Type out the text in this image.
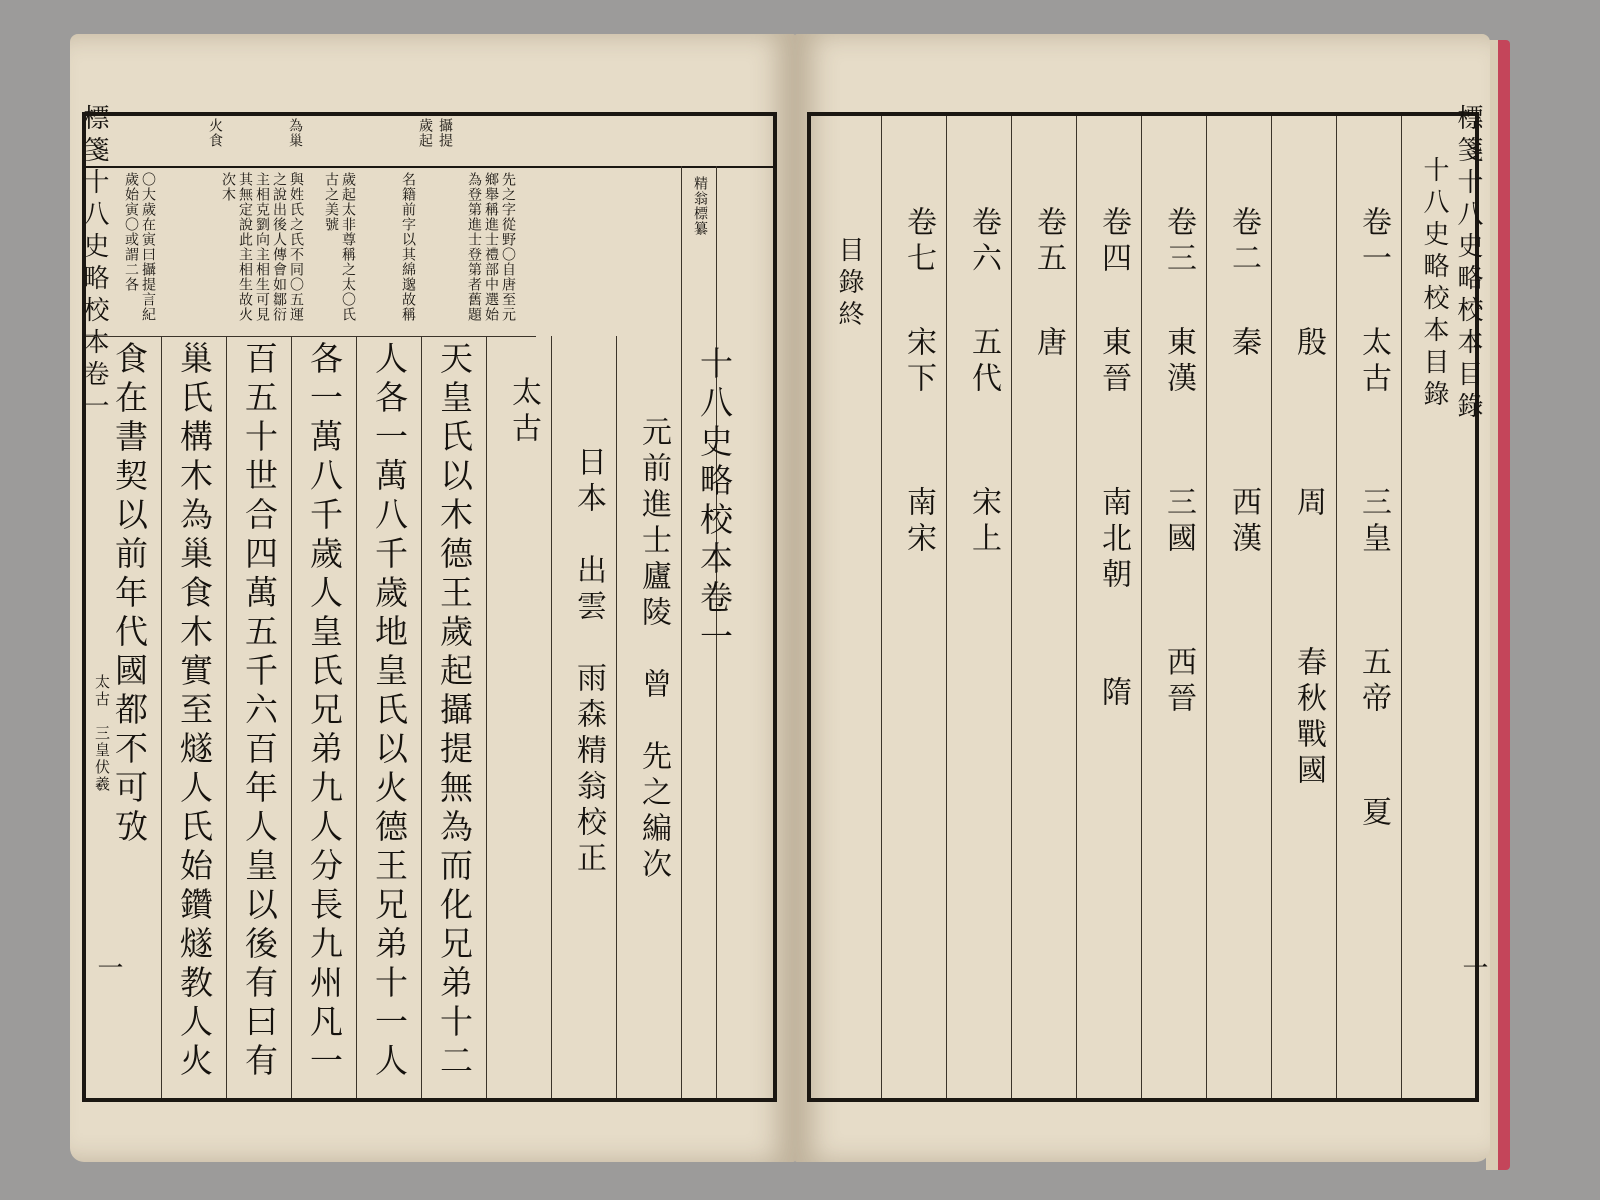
標箋十八史略校本卷一	火食	為巢	歲起 攝提
〇大歲在寅曰攝提言紀歲始寅〇或謂二各	與姓氏之氏不同〇五運之說出後人傳會如鄒衍主相克劉向主相生可見其無定說此主相生故火次木	歲起太非尊稱之太〇氏古之美號	名籍前字以其綿邈故稱	先之字從野〇自唐至元鄉舉稱進士禮部中選始為登第進士登第者舊題	精翁標纂
十八史略校本卷一
元前進士廬陵　曾　先之編次
日本　出雲　雨森精翁校正
太古
天皇氏以木德王歲起攝提無為而化兄弟十二
人各一萬八千歲地皇氏以火德王兄弟十一人
各一萬八千歲人皇氏兄弟九人分長九州凡一
百五十世合四萬五千六百年人皇以後有曰有
巢氏構木為巢食木實至燧人氏始鑽燧教人火
食在書契以前年代國都不可攷
太古　三皇伏羲
一
十八史略校本目錄
卷一
太古
三皇
五帝
夏
殷
周
春秋戰國
卷二
秦
西漢
卷三
東漢
三國
西晉
卷四
東晉
南北朝
隋
卷五
唐
卷六
五代
宋上
卷七
宋下
南宋
目錄終	標箋十八史略校本目錄
一
